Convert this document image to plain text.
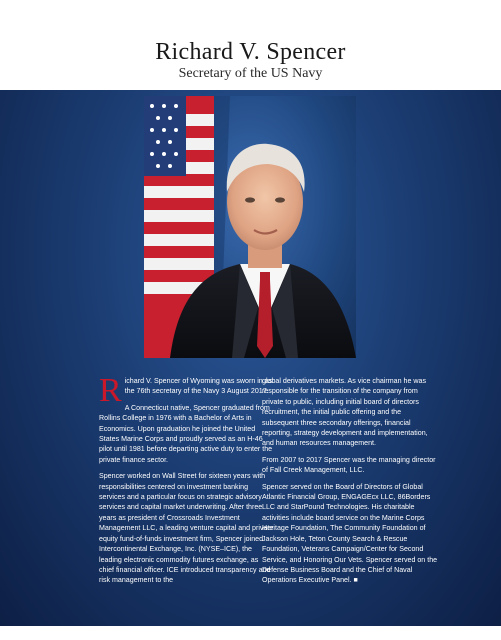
Richard V. Spencer
Secretary of the US Navy
Richard V. Spencer of Wyoming was sworn in as the 76th secretary of the Navy 3 August 2017.
A Connecticut native, Spencer graduated from Rollins College in 1976 with a Bachelor of Arts in Economics. Upon graduation he joined the United States Marine Corps and proudly served as an H-46 pilot until 1981 before departing active duty to enter the private finance sector.
Spencer worked on Wall Street for sixteen years with responsibilities centered on investment banking services and a particular focus on strategic advisory services and capital market underwriting. After three years as president of Crossroads Investment Management LLC, a leading venture capital and private equity fund-of-funds investment firm, Spencer joined Intercontinental Exchange, Inc. (NYSE–ICE), the leading electronic commodity futures exchange, as chief financial officer. ICE introduced transparency and risk management to the
global derivatives markets. As vice chairman he was responsible for the transition of the company from private to public, including initial board of directors recruitment, the initial public offering and the subsequent three secondary offerings, financial reporting, strategy development and implementation, and human resources management.
From 2007 to 2017 Spencer was the managing director of Fall Creek Management, LLC.
Spencer served on the Board of Directors of Global Atlantic Financial Group, ENGAGEcx LLC, 86Borders LLC and StarPound Technologies. His charitable activities include board service on the Marine Corps Heritage Foundation, The Community Foundation of Jackson Hole, Teton County Search & Rescue Foundation, Veterans Campaign/Center for Second Service, and Honoring Our Vets. Spencer served on the Defense Business Board and the Chief of Naval Operations Executive Panel. ■
